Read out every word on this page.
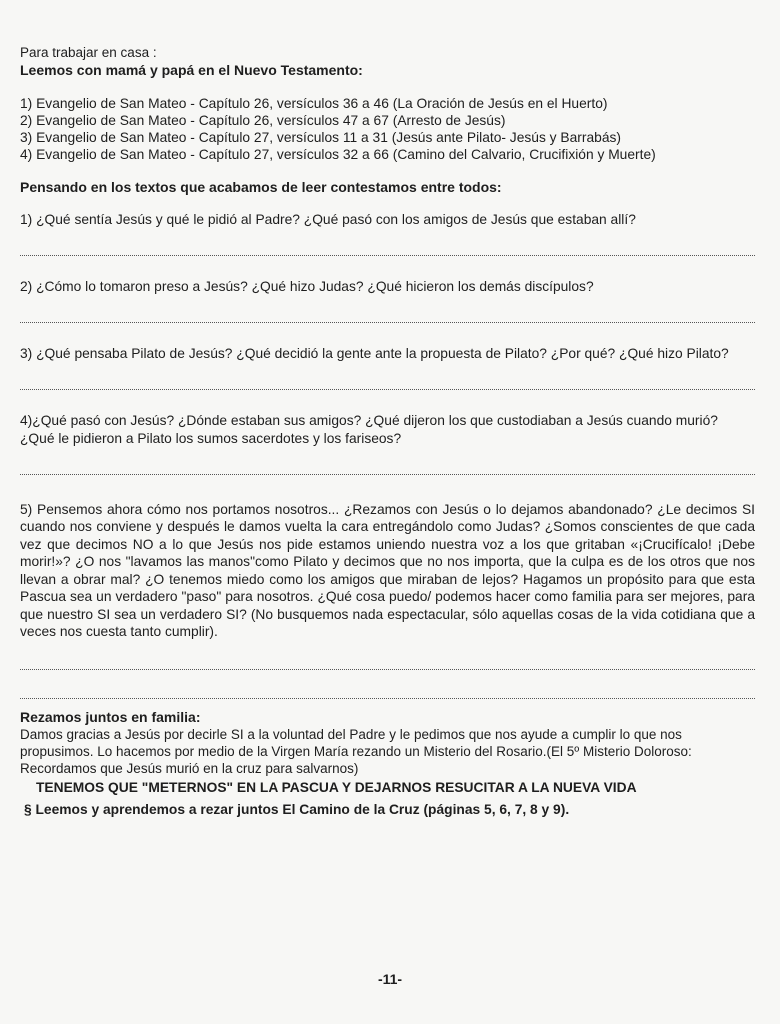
Para trabajar en casa :
Leemos con mamá y papá en el Nuevo Testamento:
1) Evangelio de San Mateo - Capítulo 26, versículos 36 a 46 (La Oración de Jesús en el Huerto)
2) Evangelio de San Mateo - Capítulo 26, versículos 47 a 67 (Arresto de Jesús)
3) Evangelio de San Mateo - Capítulo 27, versículos 11 a 31 (Jesús ante Pilato- Jesús y Barrabás)
4) Evangelio de San Mateo - Capítulo 27, versículos 32 a 66 (Camino del Calvario, Crucifixión y Muerte)
Pensando en los textos que acabamos de leer contestamos entre todos:
1) ¿Qué sentía Jesús y qué le pidió al Padre? ¿Qué pasó con los amigos de Jesús que estaban allí?
2) ¿Cómo lo tomaron preso a Jesús? ¿Qué hizo Judas? ¿Qué hicieron los demás discípulos?
3) ¿Qué pensaba Pilato de Jesús? ¿Qué decidió la gente ante la propuesta de Pilato? ¿Por qué? ¿Qué hizo Pilato?
4)¿Qué pasó con Jesús? ¿Dónde estaban sus amigos? ¿Qué dijeron los que custodiaban a Jesús cuando murió? ¿Qué le pidieron a Pilato los sumos sacerdotes y los fariseos?
5) Pensemos ahora cómo nos portamos nosotros... ¿Rezamos con Jesús o lo dejamos abandonado? ¿Le decimos SI cuando nos conviene y después le damos vuelta la cara entregándolo como Judas? ¿Somos conscientes de que cada vez que decimos NO a lo que Jesús nos pide estamos uniendo nuestra voz a los que gritaban «¡Crucifícalo! ¡Debe morir!»? ¿O nos "lavamos las manos"como Pilato y decimos que no nos importa, que la culpa es de los otros que nos llevan a obrar mal? ¿O tenemos miedo como los amigos que miraban de lejos? Hagamos un propósito para que esta Pascua sea un verdadero "paso" para nosotros. ¿Qué cosa puedo/ podemos hacer como familia para ser mejores, para que nuestro SI sea un verdadero SI? (No busquemos nada espectacular, sólo aquellas cosas de la vida cotidiana que a veces nos cuesta tanto cumplir).
Rezamos juntos en familia:
Damos gracias a Jesús por decirle SI a la voluntad del Padre y le pedimos que nos ayude a cumplir lo que nos propusimos. Lo hacemos por medio de la Virgen María rezando un Misterio del Rosario.(El 5º Misterio Doloroso: Recordamos que Jesús murió en la cruz para salvarnos)
TENEMOS QUE "METERNOS" EN LA PASCUA Y DEJARNOS RESUCITAR A LA NUEVA VIDA
§ Leemos y aprendemos a rezar juntos El Camino de la Cruz (páginas 5, 6, 7, 8 y 9).
-11-
